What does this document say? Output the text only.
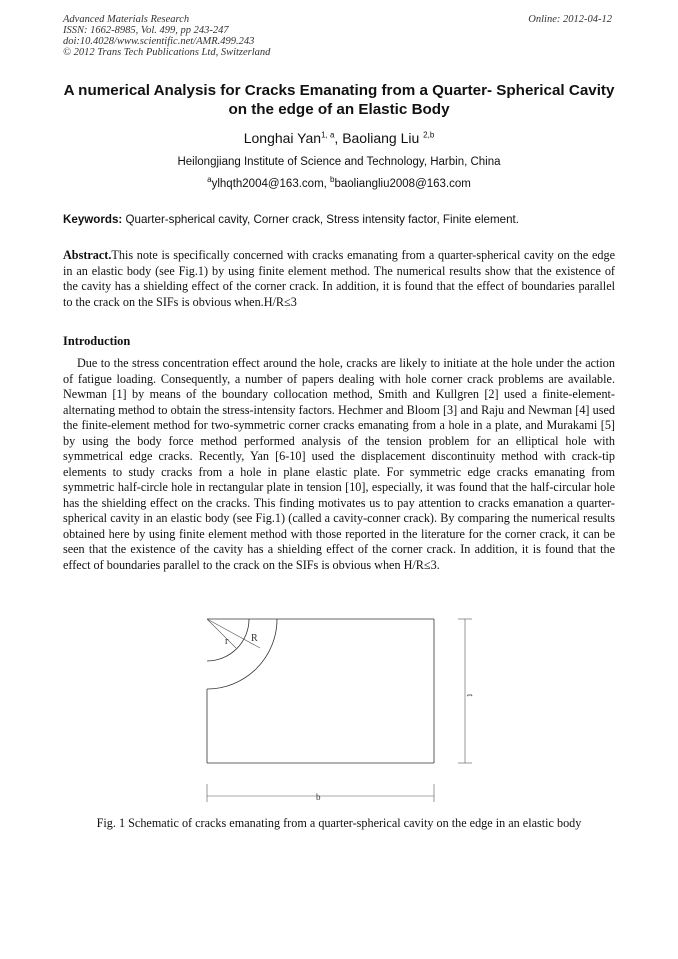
Advanced Materials Research
ISSN: 1662-8985, Vol. 499, pp 243-247
doi:10.4028/www.scientific.net/AMR.499.243
© 2012 Trans Tech Publications Ltd, Switzerland
Online: 2012-04-12
A numerical Analysis for Cracks Emanating from a Quarter- Spherical Cavity on the edge of an Elastic Body
Longhai Yan$^{1, a}$, Baoliang Liu $^{2,b}$
Heilongjiang Institute of Science and Technology, Harbin, China
$^a$ylhqth2004@163.com, $^b$baoliangliu2008@163.com
Keywords: Quarter-spherical cavity, Corner crack, Stress intensity factor, Finite element.
Abstract.This note is specifically concerned with cracks emanating from a quarter-spherical cavity on the edge in an elastic body (see Fig.1) by using finite element method. The numerical results show that the existence of the cavity has a shielding effect of the corner crack. In addition, it is found that the effect of boundaries parallel to the crack on the SIFs is obvious when.H/R≤3
Introduction
Due to the stress concentration effect around the hole, cracks are likely to initiate at the hole under the action of fatigue loading. Consequently, a number of papers dealing with hole corner crack problems are available. Newman [1] by means of the boundary collocation method, Smith and Kullgren [2] used a finite-element-alternating method to obtain the stress-intensity factors. Hechmer and Bloom [3] and Raju and Newman [4] used the finite-element method for two-symmetric corner cracks emanating from a hole in a plate, and Murakami [5] by using the body force method performed analysis of the tension problem for an elliptical hole with symmetrical edge cracks. Recently, Yan [6-10] used the displacement discontinuity method with crack-tip elements to study cracks from a hole in plane elastic plate. For symmetric edge cracks emanating from symmetric half-circle hole in rectangular plate in tension [10], especially, it was found that the half-circular hole has the shielding effect on the cracks. This finding motivates us to pay attention to cracks emanation a quarter-spherical cavity in an elastic body (see Fig.1) (called a cavity-conner crack). By comparing the numerical results obtained here by using finite element method with those reported in the literature for the corner crack, it can be seen that the existence of the cavity has a shielding effect of the corner crack. In addition, it is found that the effect of boundaries parallel to the crack on the SIFs is obvious when H/R≤3.
r R
t
b
Fig. 1 Schematic of cracks emanating from a quarter-spherical cavity on the edge in an elastic body
